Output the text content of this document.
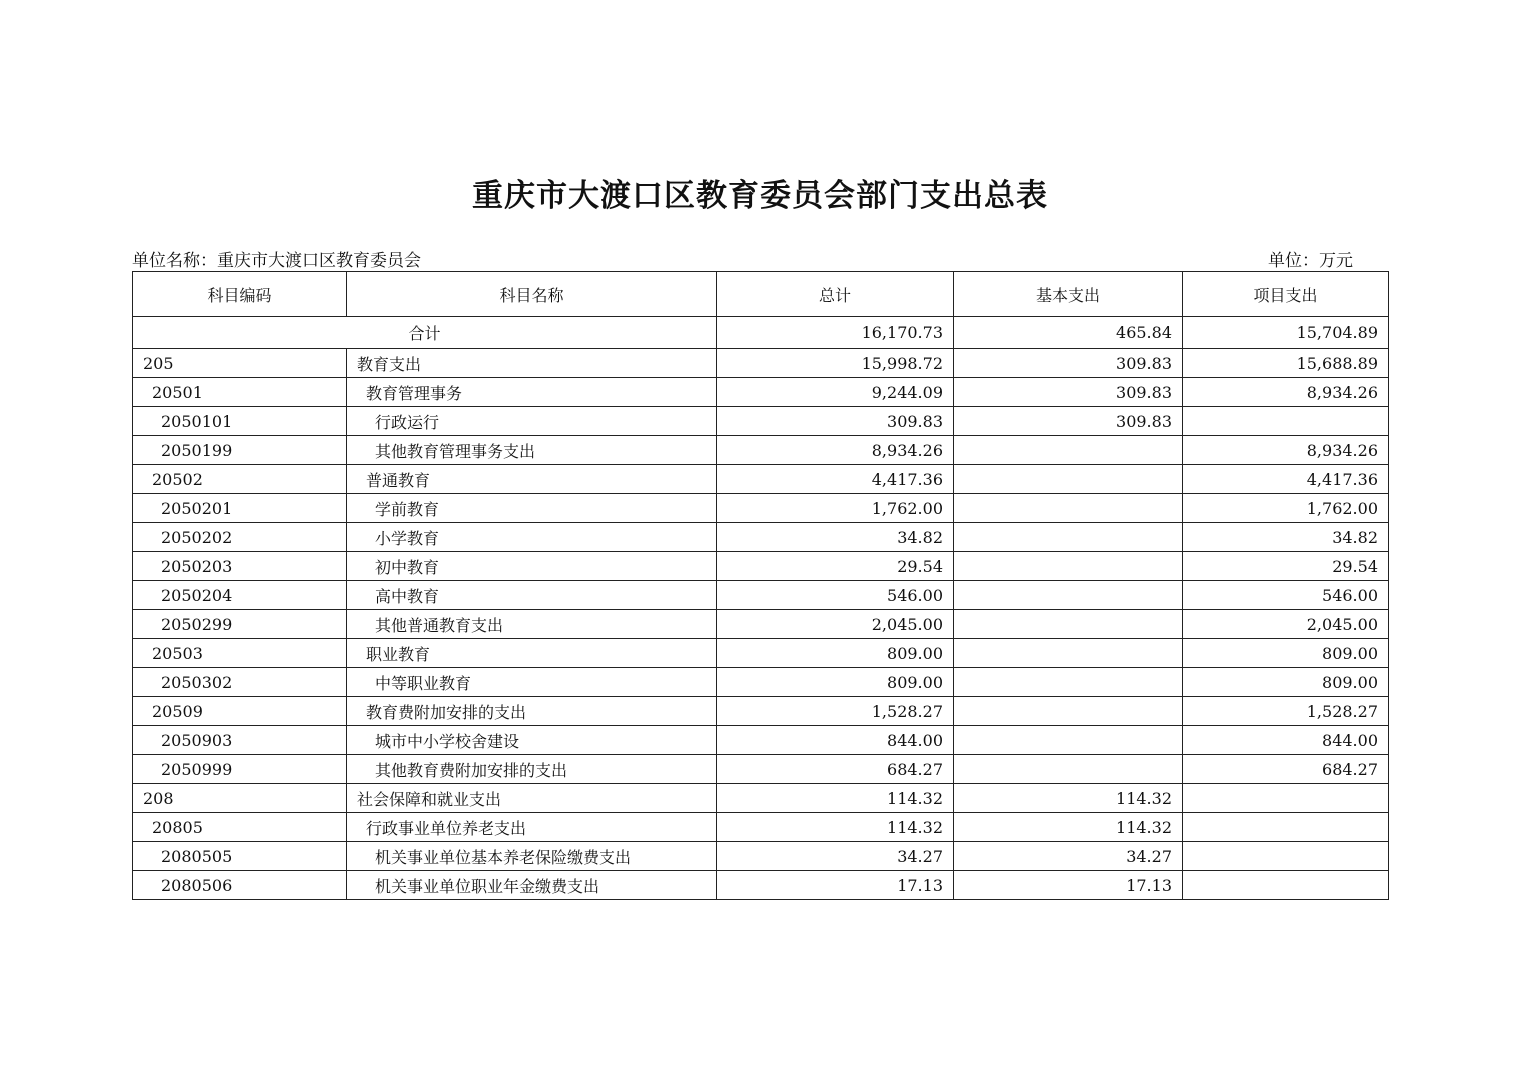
重庆市大渡口区教育委员会部门支出总表
单位名称：重庆市大渡口区教育委员会	单位：万元
科目编码	科目名称	总计	基本支出	项目支出
合计		16,170.73	465.84	15,704.89
205	教育支出	15,998.72	309.83	15,688.89
20501	教育管理事务	9,244.09	309.83	8,934.26
2050101	行政运行	309.83	309.83	
2050199	其他教育管理事务支出	8,934.26		8,934.26
20502	普通教育	4,417.36		4,417.36
2050201	学前教育	1,762.00		1,762.00
2050202	小学教育	34.82		34.82
2050203	初中教育	29.54		29.54
2050204	高中教育	546.00		546.00
2050299	其他普通教育支出	2,045.00		2,045.00
20503	职业教育	809.00		809.00
2050302	中等职业教育	809.00		809.00
20509	教育费附加安排的支出	1,528.27		1,528.27
2050903	城市中小学校舍建设	844.00		844.00
2050999	其他教育费附加安排的支出	684.27		684.27
208	社会保障和就业支出	114.32	114.32	
20805	行政事业单位养老支出	114.32	114.32	
2080505	机关事业单位基本养老保险缴费支出	34.27	34.27	
2080506	机关事业单位职业年金缴费支出	17.13	17.13	
